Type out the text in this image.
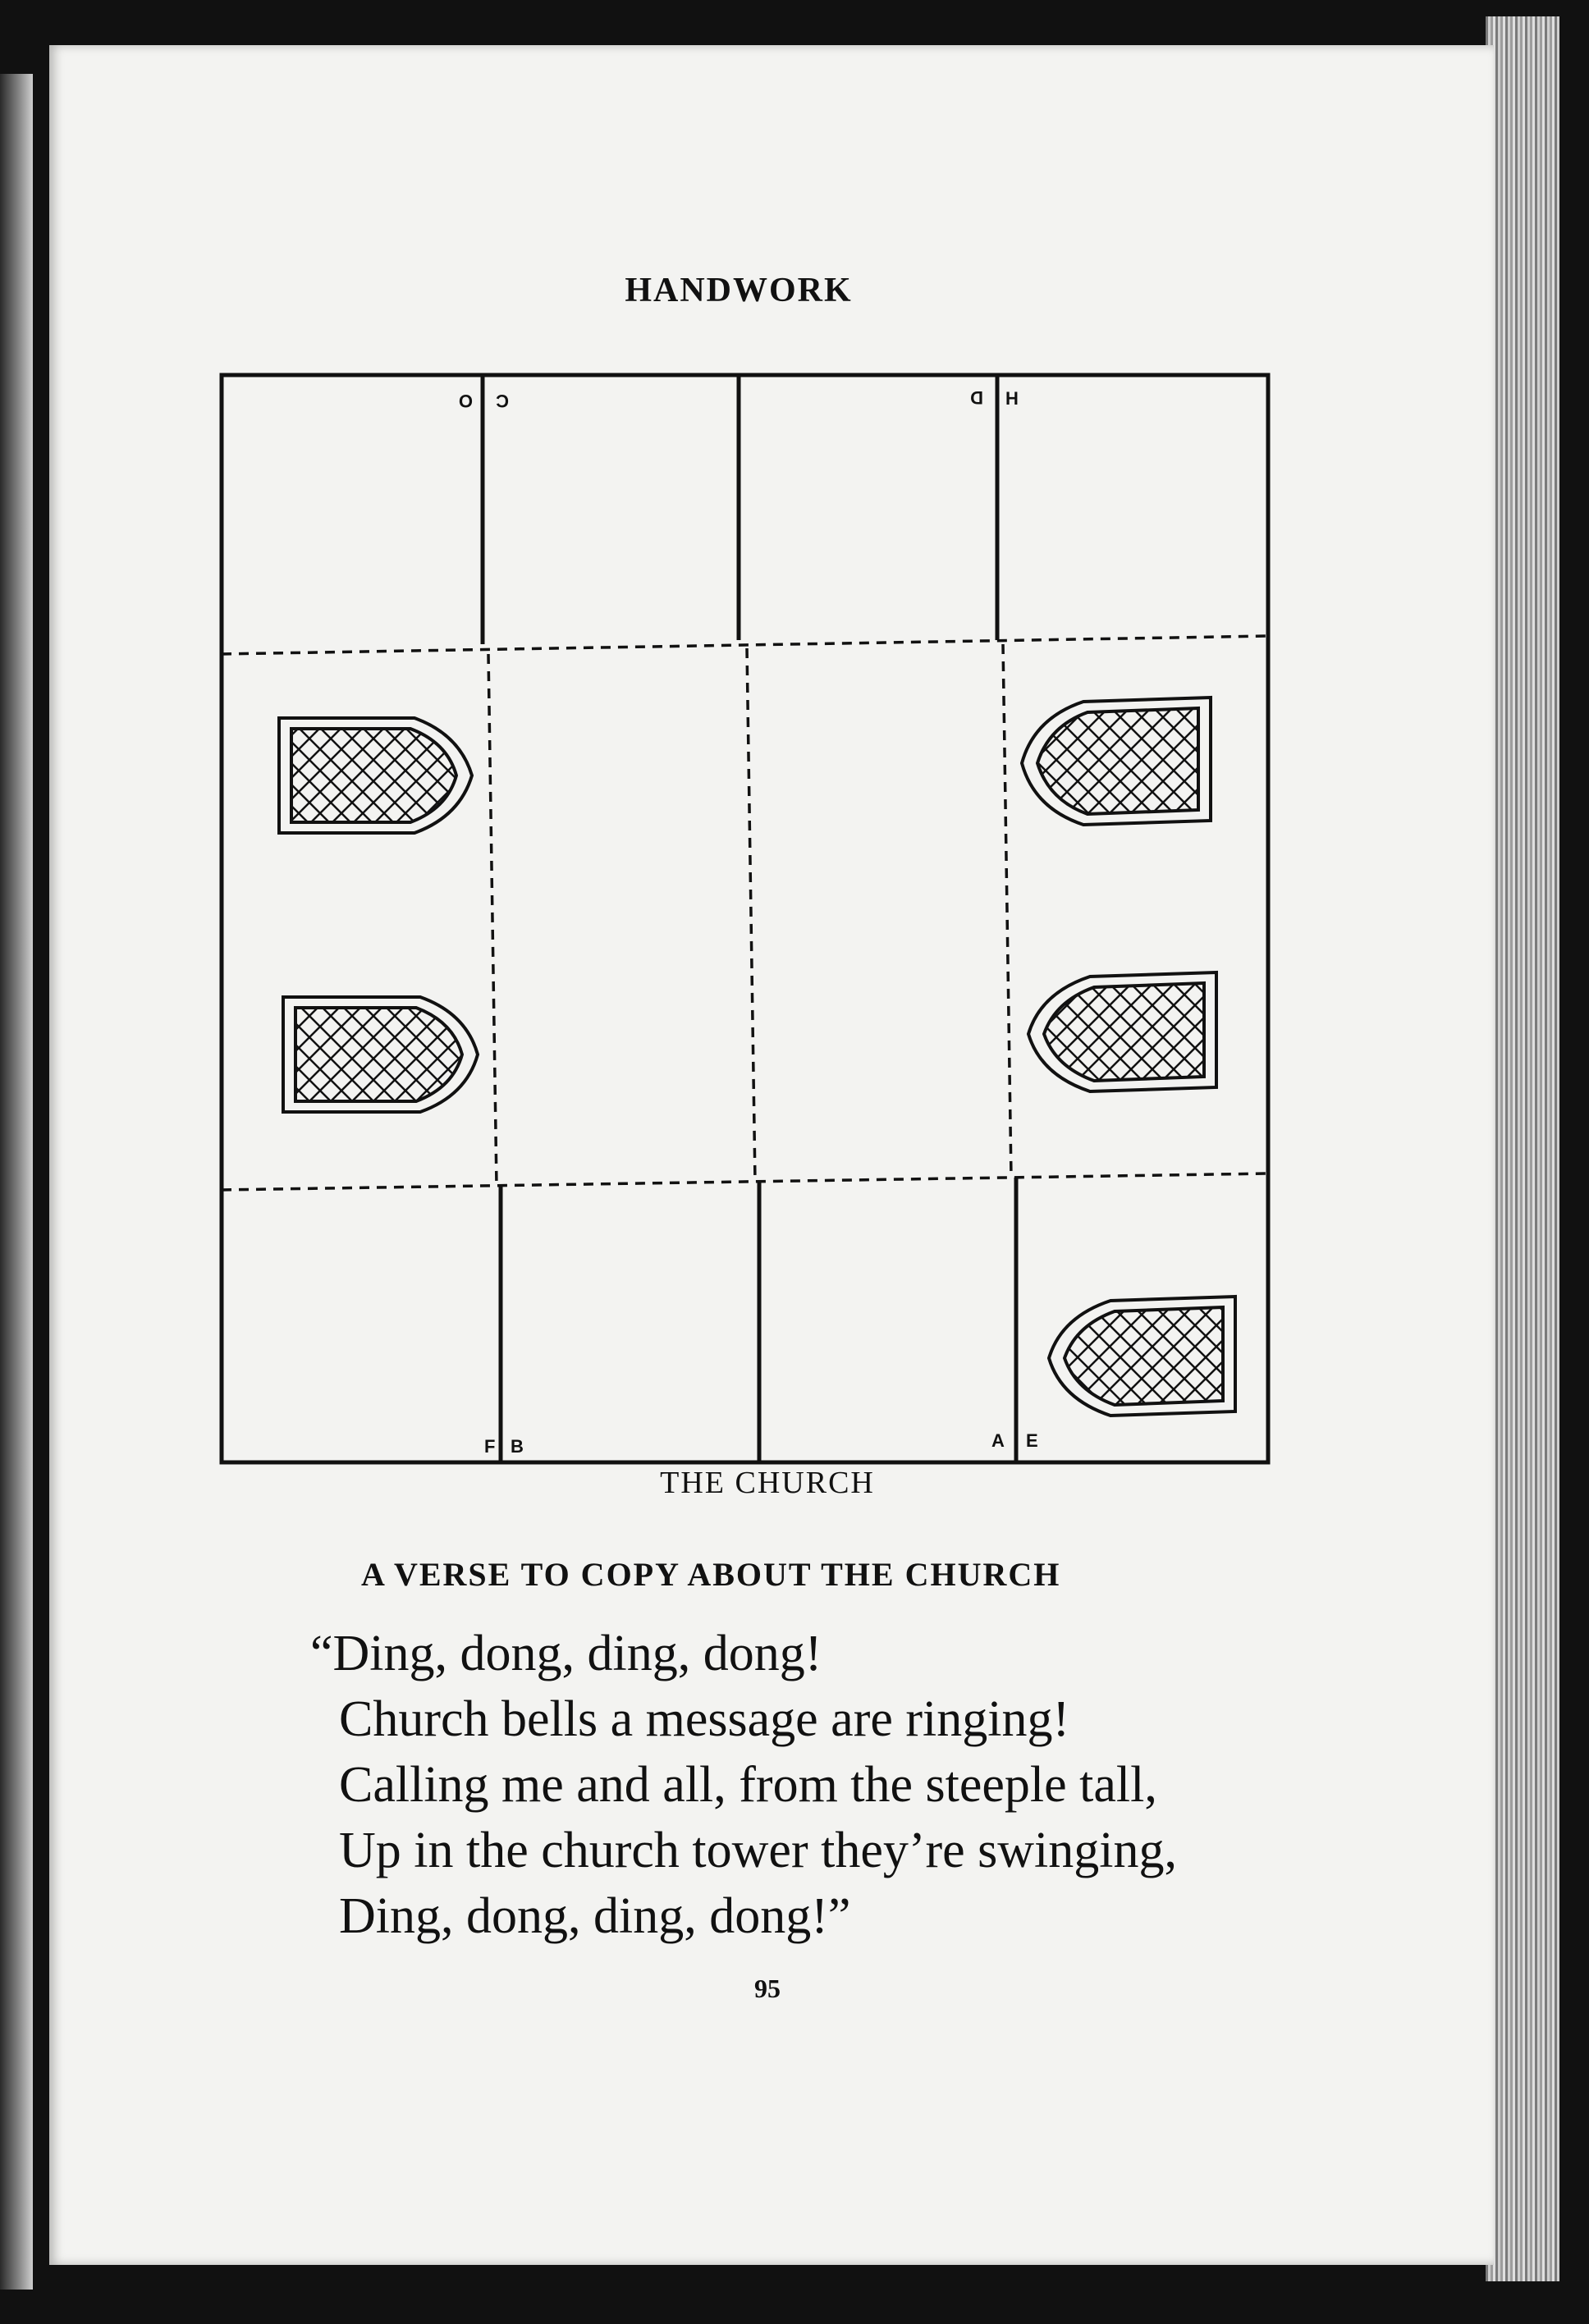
HANDWORK
O C	D H
F B	A E
THE CHURCH
A VERSE TO COPY ABOUT THE CHURCH
“Ding, dong, ding, dong!
Church bells a message are ringing!
Calling me and all, from the steeple tall,
Up in the church tower they’re swinging,
Ding, dong, ding, dong!”
95
